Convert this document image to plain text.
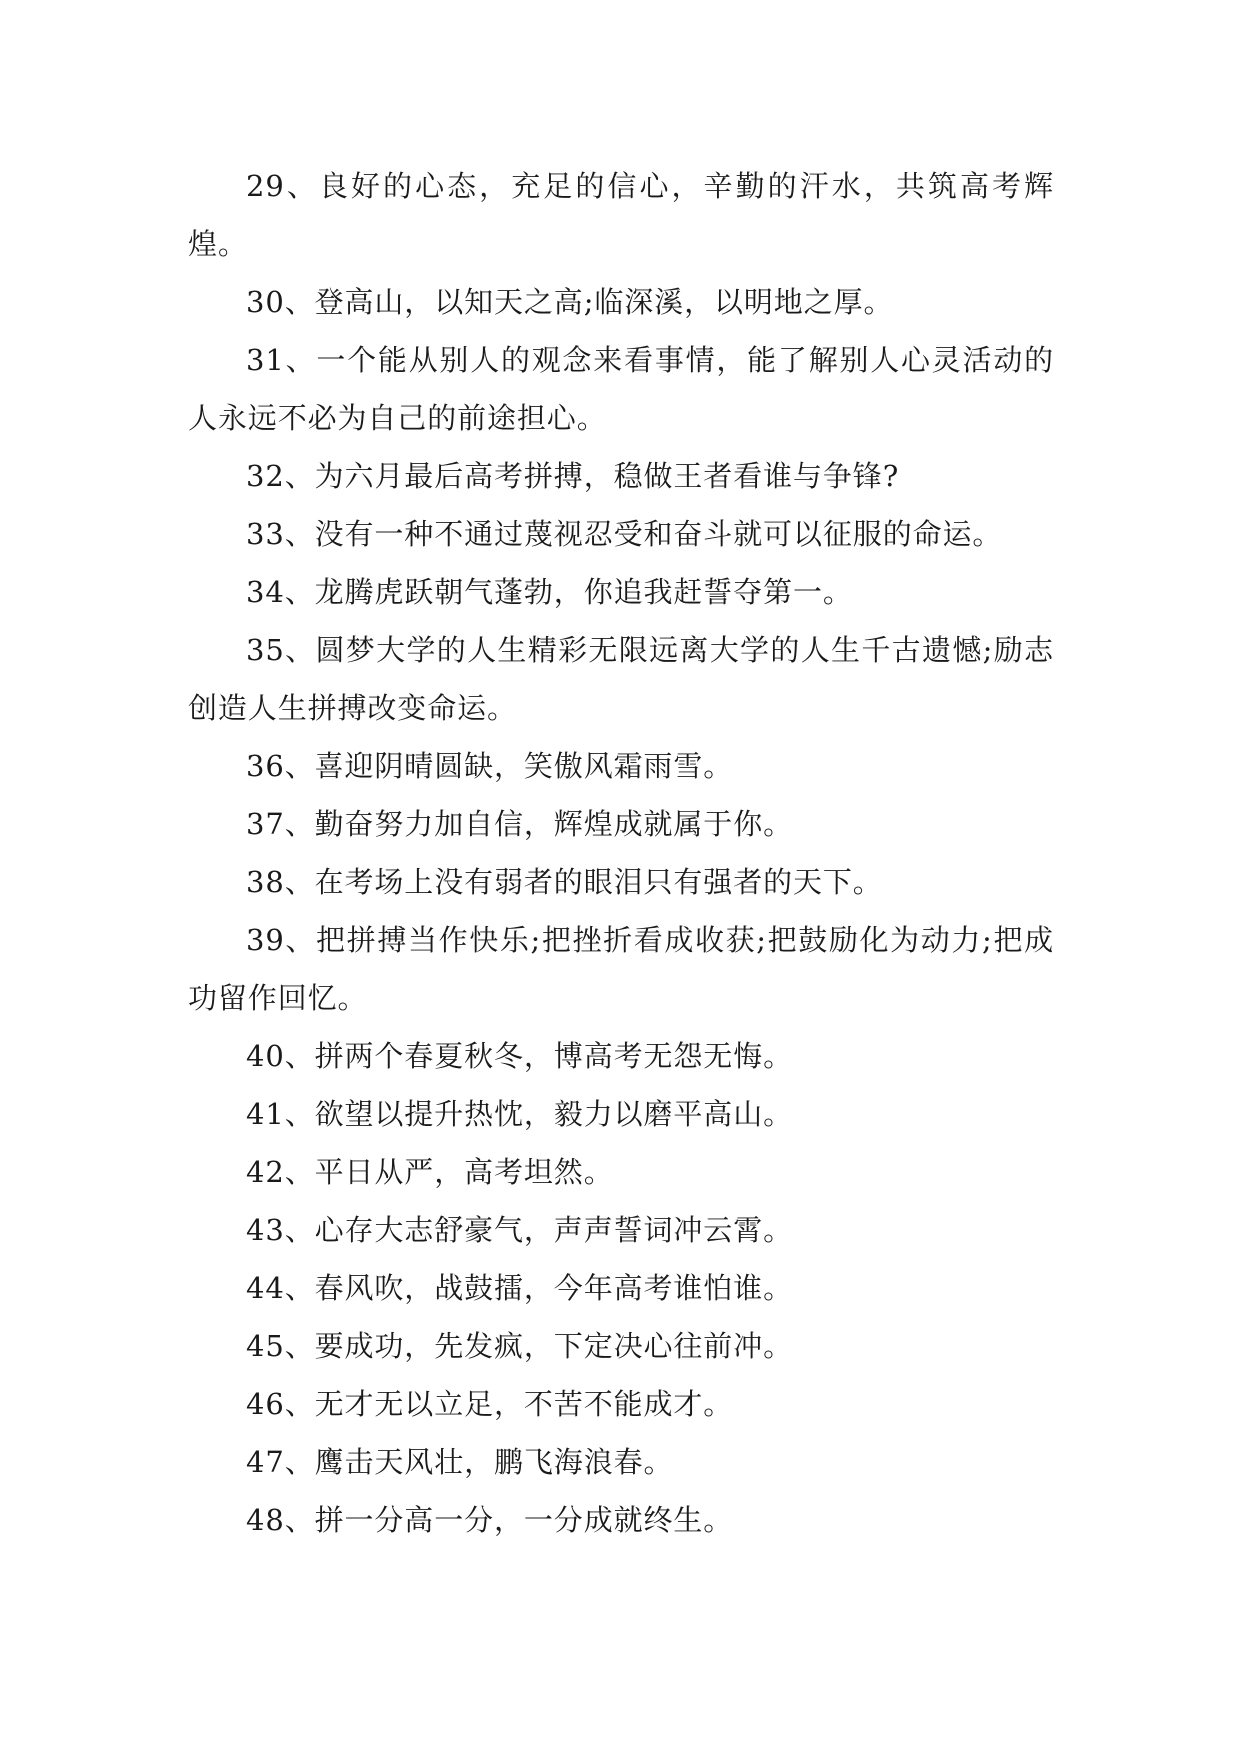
29、良好的心态，充足的信心，辛勤的汗水，共筑高考辉煌。

30、登高山，以知天之高;临深溪，以明地之厚。

31、一个能从别人的观念来看事情，能了解别人心灵活动的人永远不必为自己的前途担心。

32、为六月最后高考拼搏，稳做王者看谁与争锋?

33、没有一种不通过蔑视忍受和奋斗就可以征服的命运。

34、龙腾虎跃朝气蓬勃，你追我赶誓夺第一。

35、圆梦大学的人生精彩无限远离大学的人生千古遗憾;励志创造人生拼搏改变命运。

36、喜迎阴晴圆缺，笑傲风霜雨雪。

37、勤奋努力加自信，辉煌成就属于你。

38、在考场上没有弱者的眼泪只有强者的天下。

39、把拼搏当作快乐;把挫折看成收获;把鼓励化为动力;把成功留作回忆。

40、拼两个春夏秋冬，博高考无怨无悔。

41、欲望以提升热忱，毅力以磨平高山。

42、平日从严，高考坦然。

43、心存大志舒豪气，声声誓词冲云霄。

44、春风吹，战鼓擂，今年高考谁怕谁。

45、要成功，先发疯，下定决心往前冲。

46、无才无以立足，不苦不能成才。

47、鹰击天风壮，鹏飞海浪春。

48、拼一分高一分，一分成就终生。
